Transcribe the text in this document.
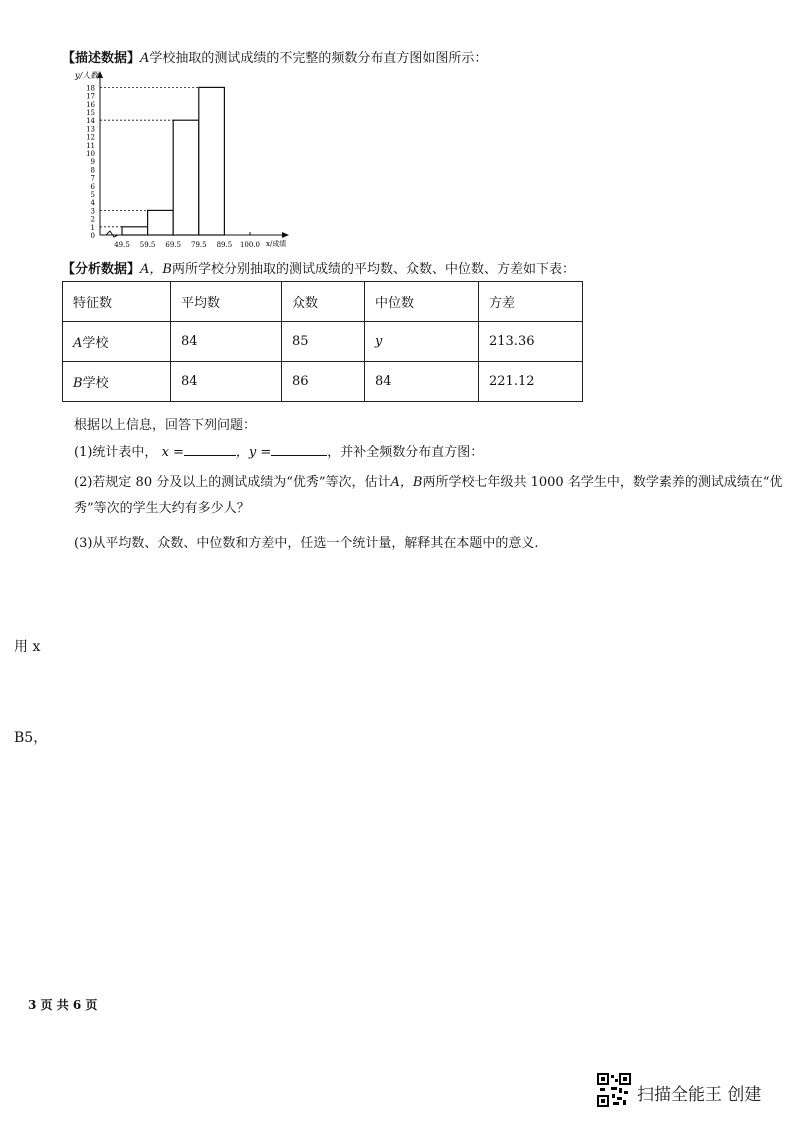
【描述数据】A学校抽取的测试成绩的不完整的频数分布直方图如图所示：
y/人数
x/成绩
0
1
2
3
4
5
6
7
8
9
10
11
12
13
14
15
16
17
18
49.5 59.5 69.5 79.5 89.5 100.0
【分析数据】A，B两所学校分别抽取的测试成绩的平均数、众数、中位数、方差如下表：
特征数	平均数	众数	中位数	方差
A学校	84	85	y	213.36
B学校	84	86	84	221.12
根据以上信息，回答下列问题：
(1)统计表中， x =	，y =	，并补全频数分布直方图：
(2)若规定 80 分及以上的测试成绩为“优秀”等次，估计A，B两所学校七年级共 1000 名学生中，数学素养的测试成绩在“优
秀”等次的学生大约有多少人？
(3)从平均数、众数、中位数和方差中，任选一个统计量，解释其在本题中的意义.
用 x
B5，
3 页 共 6 页
扫描全能王 创建
